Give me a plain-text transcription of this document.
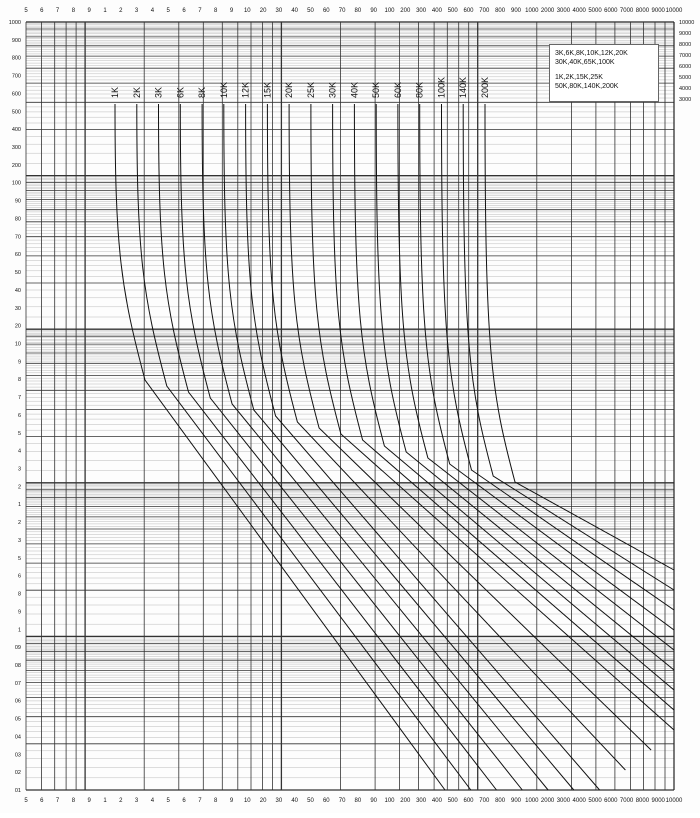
1K 2K 3K 6K 8K 10K 12K 15K 20K 25K 30K 40K 50K 60K 80K 100K 140K 200K
5 6 7 8 9 1 2 3 4 5 6 7 8 9 10 20 30 40 50 60 70 80 90 100 200 300 400 500 600 700 800 900 1000 2000 3000 4000 5000 6000 7000 8000 9000 10000
5 6 7 8 9 1 2 3 4 5 6 7 8 9 10 20 30 40 50 60 70 80 90 100 200 300 400 500 600 700 800 900 1000 2000 3000 4000 5000 6000 7000 8000 9000 10000
1000
900
800
700
600
500
400
300
200
100
90
80
70
60
50
40
30
20
10
9
8
7
6
5
4
3
2
1
2
3
5
6
8
9
1
09
08
07
06
05
04
03
02
01
10000
9000
8000
7000
6000
5000
4000
3000
3K,6K,8K,10K,12K,20K
30K,40K,65K,100K
1K,2K,15K,25K
50K,80K,140K,200K
